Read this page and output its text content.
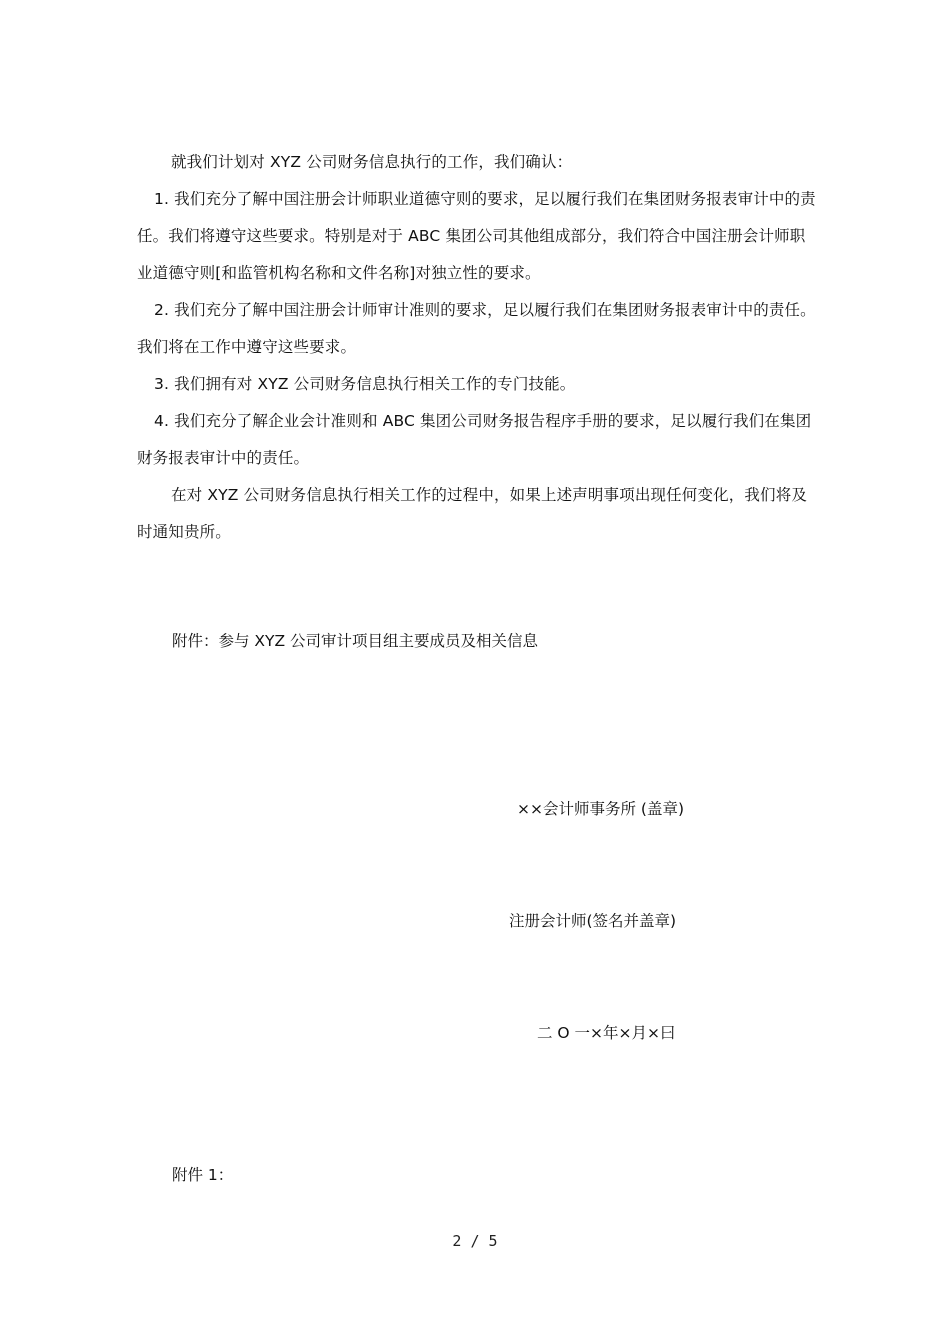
就我们计划对 XYZ 公司财务信息执行的工作，我们确认：

1. 我们充分了解中国注册会计师职业道德守则的要求，足以履行我们在集团财务报表审计中的责任。我们将遵守这些要求。特别是对于 ABC 集团公司其他组成部分，我们符合中国注册会计师职业道德守则[和监管机构名称和文件名称]对独立性的要求。

2. 我们充分了解中国注册会计师审计准则的要求，足以履行我们在集团财务报表审计中的责任。我们将在工作中遵守这些要求。

3. 我们拥有对 XYZ 公司财务信息执行相关工作的专门技能。

4. 我们充分了解企业会计准则和 ABC 集团公司财务报告程序手册的要求，足以履行我们在集团财务报表审计中的责任。

在对 XYZ 公司财务信息执行相关工作的过程中，如果上述声明事项出现任何变化，我们将及时通知贵所。

附件：参与 XYZ 公司审计项目组主要成员及相关信息

××会计师事务所 (盖章)

注册会计师(签名并盖章)

二 O 一×年×月×曰

附件 1：

2 / 5
